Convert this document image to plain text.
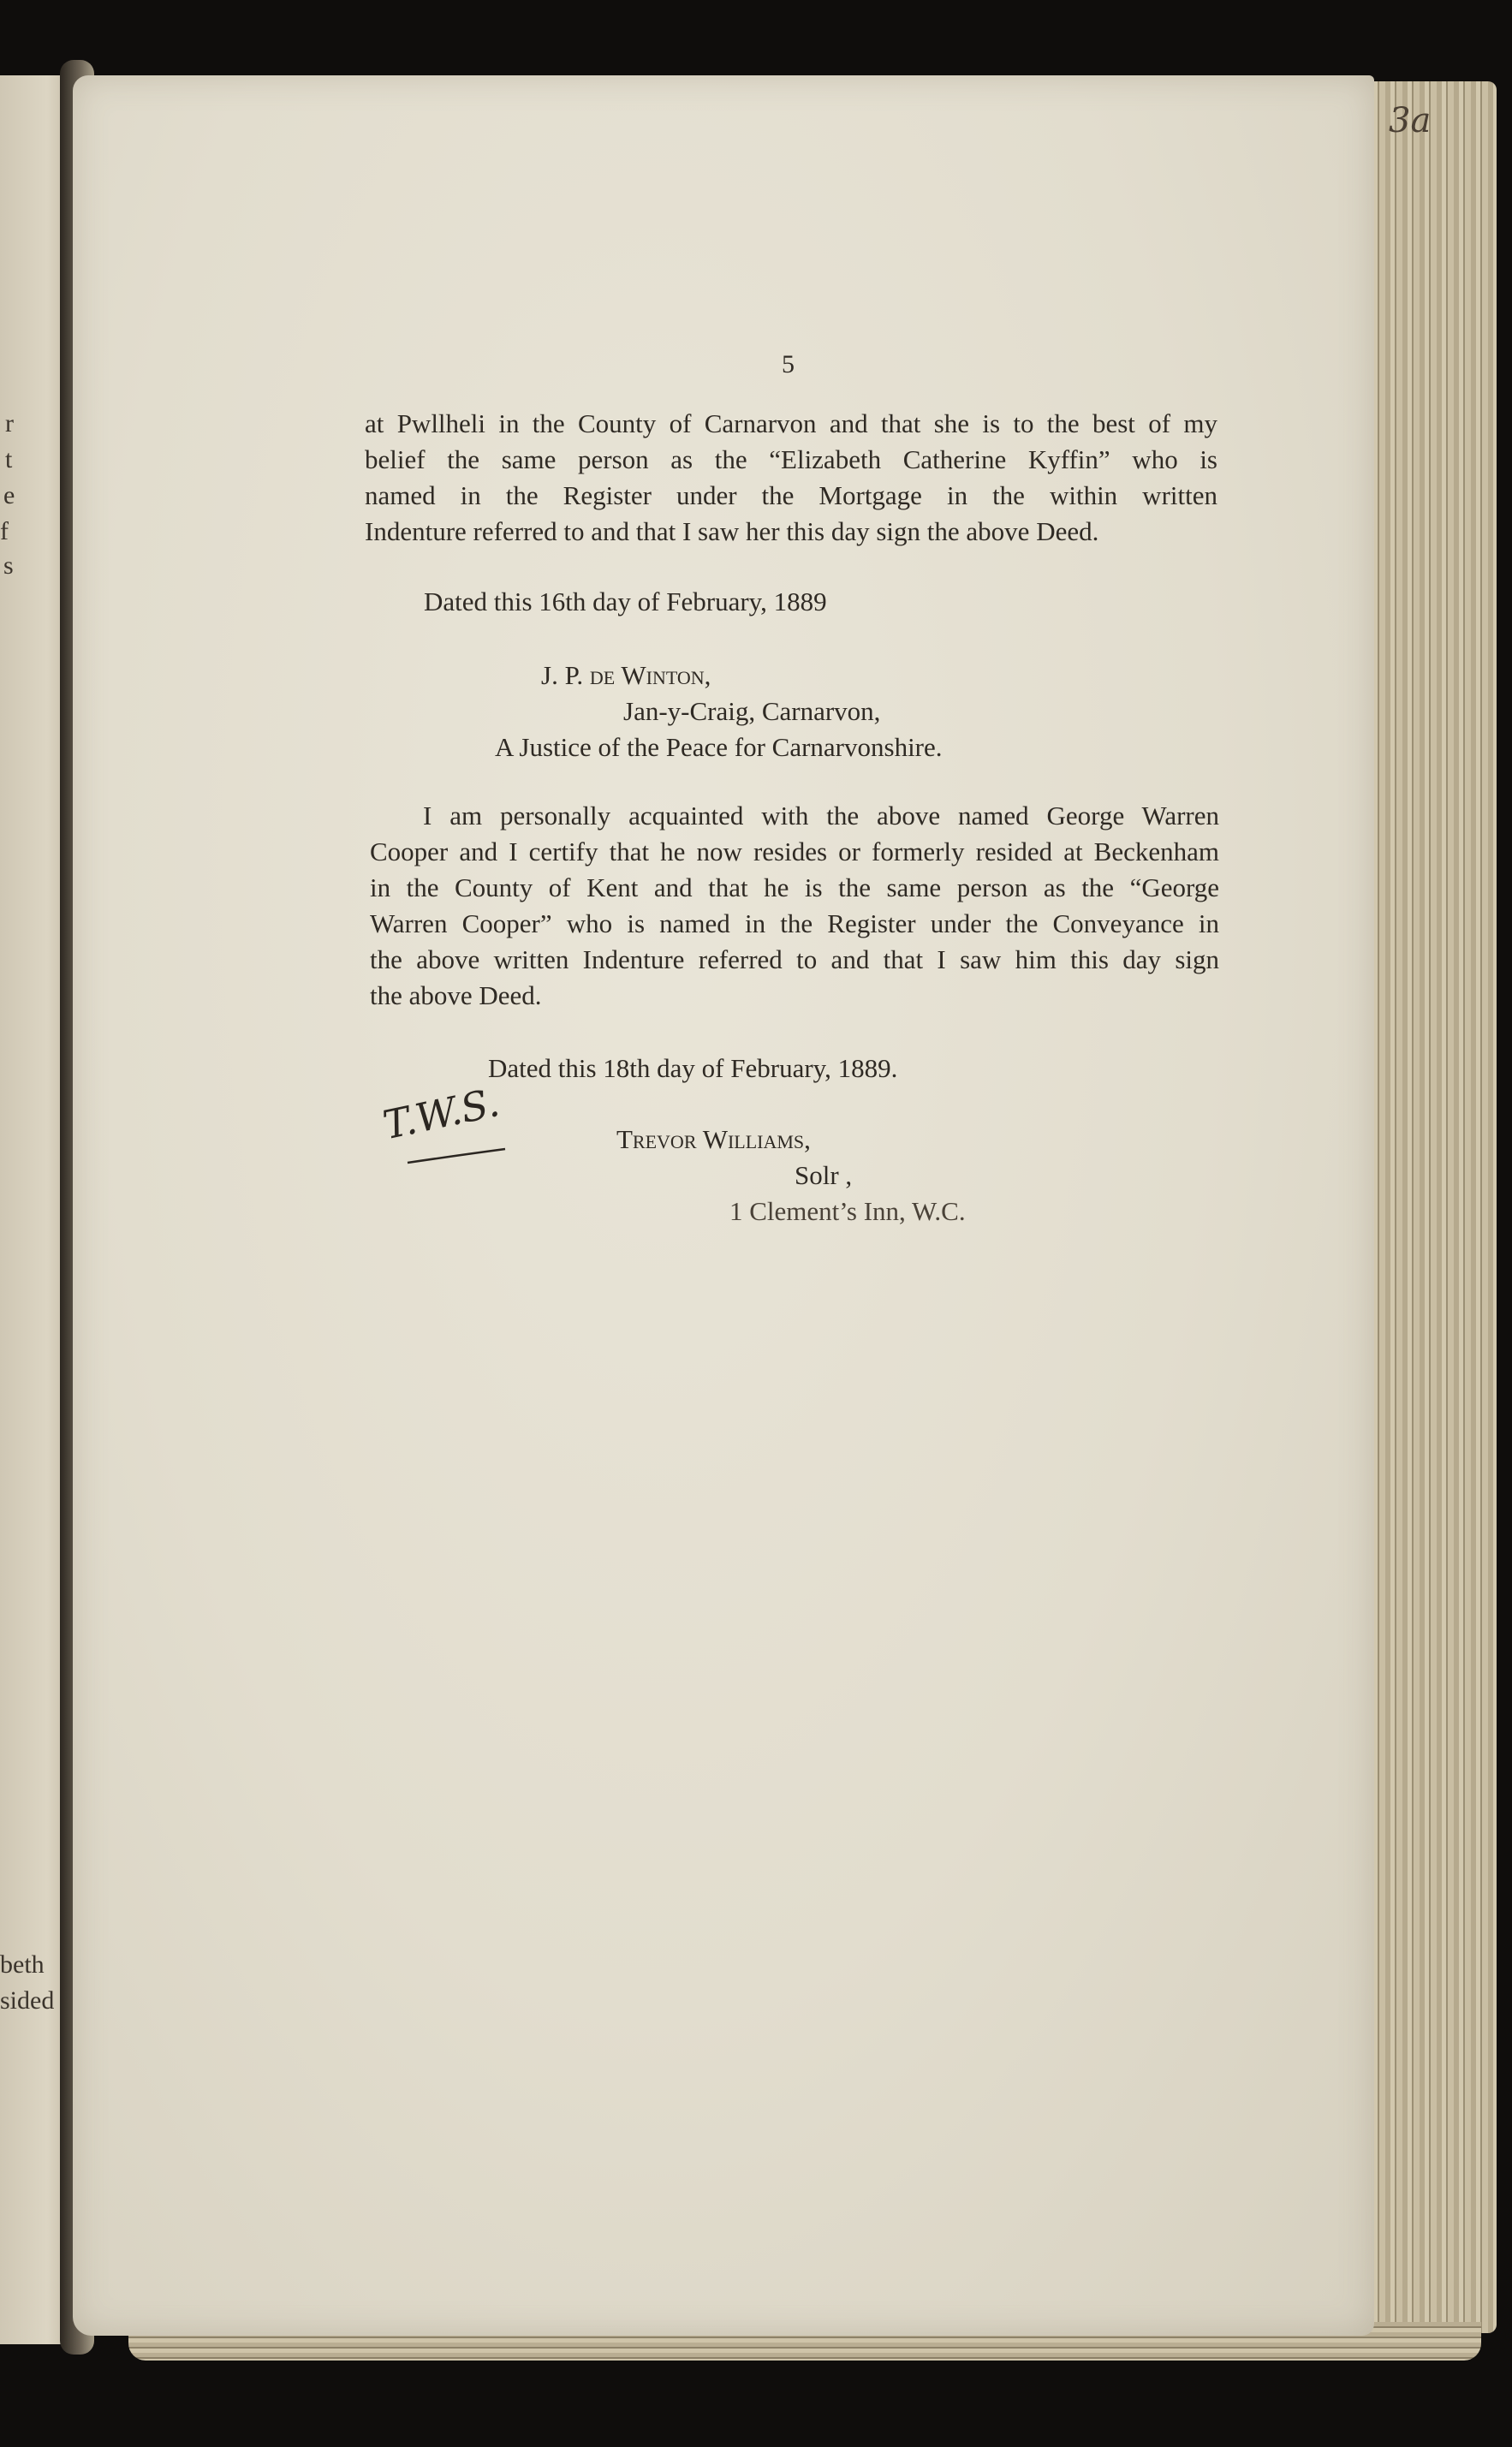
r
t
e
f
s
beth
sided
3a
5
at Pwllheli in the County of Carnarvon and that she is to the best of my
belief the same person as the “Elizabeth Catherine Kyffin” who is
named in the Register under the Mortgage in the within written
Indenture referred to and that I saw her this day sign the above Deed.
Dated this 16th day of February, 1889
J. P. de Winton,
Jan-y-Craig, Carnarvon,
A Justice of the Peace for Carnarvonshire.
I am personally acquainted with the above named George Warren
Cooper and I certify that he now resides or formerly resided at Beckenham
in the County of Kent and that he is the same person as the “George
Warren Cooper” who is named in the Register under the Conveyance in
the above written Indenture referred to and that I saw him this day sign
the above Deed.
Dated this 18th day of February, 1889.
T.W.S.	Trevor Williams,
Solr ,
1 Clement’s Inn, W.C.
